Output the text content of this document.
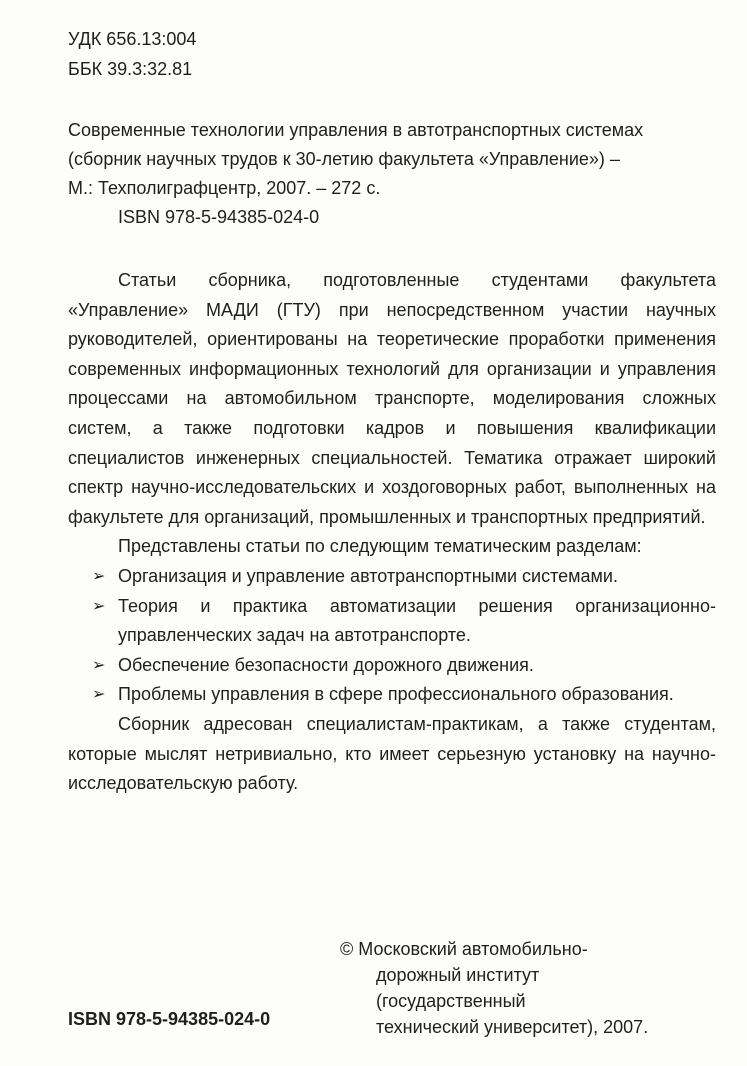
УДК 656.13:004
ББК 39.3:32.81
Современные технологии управления в автотранспортных системах
(сборник научных трудов к 30-летию факультета «Управление») –
М.: Техполиграфцентр, 2007. – 272 с.
ISBN 978-5-94385-024-0

Статьи сборника, подготовленные студентами факультета «Управление» МАДИ (ГТУ) при непосредственном участии научных руководителей, ориентированы на теоретические проработки применения современных информационных технологий для организации и управления процессами на автомобильном транспорте, моделирования сложных систем, а также подготовки кадров и повышения квалификации специалистов инженерных специальностей. Тематика отражает широкий спектр научно-исследовательских и хоздоговорных работ, выполненных на факультете для организаций, промышленных и транспортных предприятий.

Представлены статьи по следующим тематическим разделам:

➢ Организация и управление автотранспортными системами.
➢ Теория и практика автоматизации решения организационно-управленческих задач на автотранспорте.
➢ Обеспечение безопасности дорожного движения.
➢ Проблемы управления в сфере профессионального образования.

Сборник адресован специалистам-практикам, а также студентам, которые мыслят нетривиально, кто имеет серьезную установку на научно-исследовательскую работу.

© Московский автомобильно-
дорожный институт
(государственный
технический университет), 2007.
ISBN 978-5-94385-024-0
